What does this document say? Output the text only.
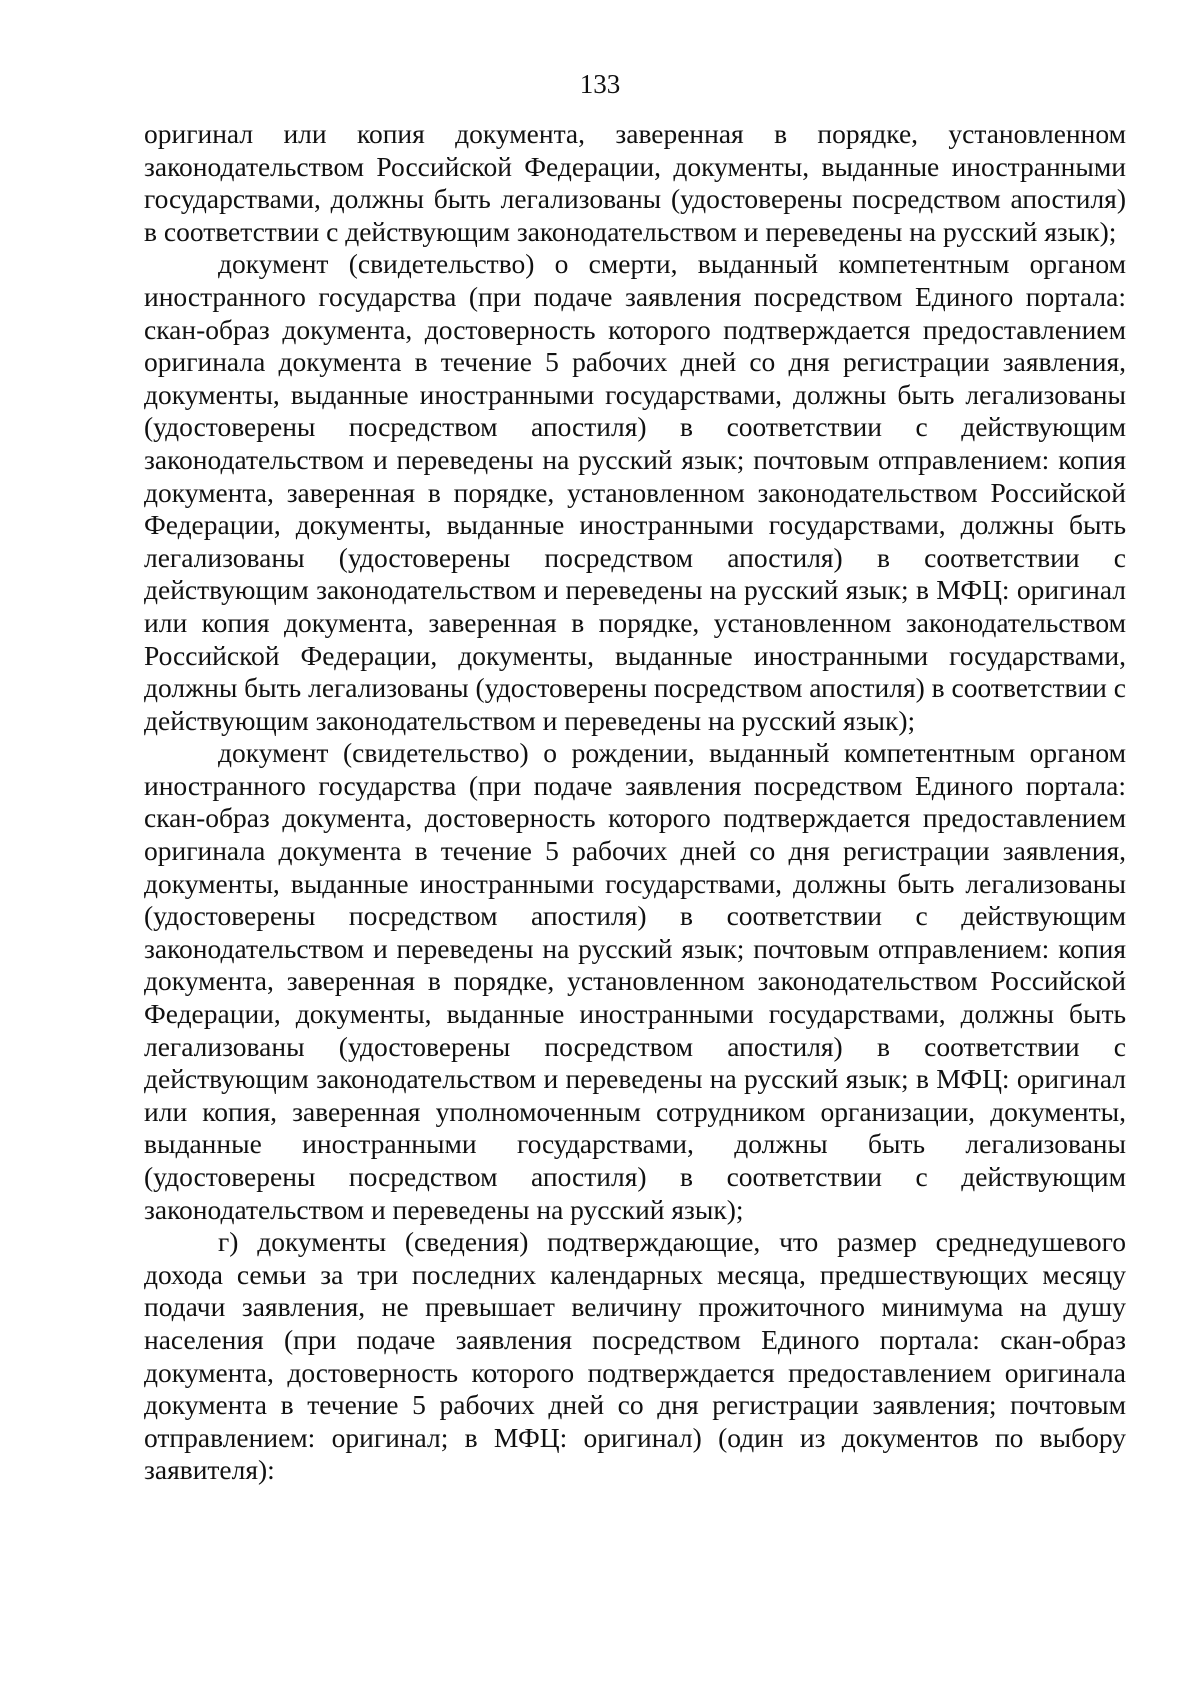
133

оригинал или копия документа, заверенная в порядке, установленном законодательством Российской Федерации, документы, выданные иностранными государствами, должны быть легализованы (удостоверены посредством апостиля) в соответствии с действующим законодательством и переведены на русский язык);

документ (свидетельство) о смерти, выданный компетентным органом иностранного государства (при подаче заявления посредством Единого портала: скан-образ документа, достоверность которого подтверждается предоставлением оригинала документа в течение 5 рабочих дней со дня регистрации заявления, документы, выданные иностранными государствами, должны быть легализованы (удостоверены посредством апостиля) в соответствии с действующим законодательством и переведены на русский язык; почтовым отправлением: копия документа, заверенная в порядке, установленном законодательством Российской Федерации, документы, выданные иностранными государствами, должны быть легализованы (удостоверены посредством апостиля) в соответствии с действующим законодательством и переведены на русский язык; в МФЦ: оригинал или копия документа, заверенная в порядке, установленном законодательством Российской Федерации, документы, выданные иностранными государствами, должны быть легализованы (удостоверены посредством апостиля) в соответствии с действующим законодательством и переведены на русский язык);

документ (свидетельство) о рождении, выданный компетентным органом иностранного государства (при подаче заявления посредством Единого портала: скан-образ документа, достоверность которого подтверждается предоставлением оригинала документа в течение 5 рабочих дней со дня регистрации заявления, документы, выданные иностранными государствами, должны быть легализованы (удостоверены посредством апостиля) в соответствии с действующим законодательством и переведены на русский язык; почтовым отправлением: копия документа, заверенная в порядке, установленном законодательством Российской Федерации, документы, выданные иностранными государствами, должны быть легализованы (удостоверены посредством апостиля) в соответствии с действующим законодательством и переведены на русский язык; в МФЦ: оригинал или копия, заверенная уполномоченным сотрудником организации, документы, выданные иностранными государствами, должны быть легализованы (удостоверены посредством апостиля) в соответствии с действующим законодательством и переведены на русский язык);

г) документы (сведения) подтверждающие, что размер среднедушевого дохода семьи за три последних календарных месяца, предшествующих месяцу подачи заявления, не превышает величину прожиточного минимума на душу населения (при подаче заявления посредством Единого портала: скан-образ документа, достоверность которого подтверждается предоставлением оригинала документа в течение 5 рабочих дней со дня регистрации заявления; почтовым отправлением: оригинал; в МФЦ: оригинал) (один из документов по выбору заявителя):
